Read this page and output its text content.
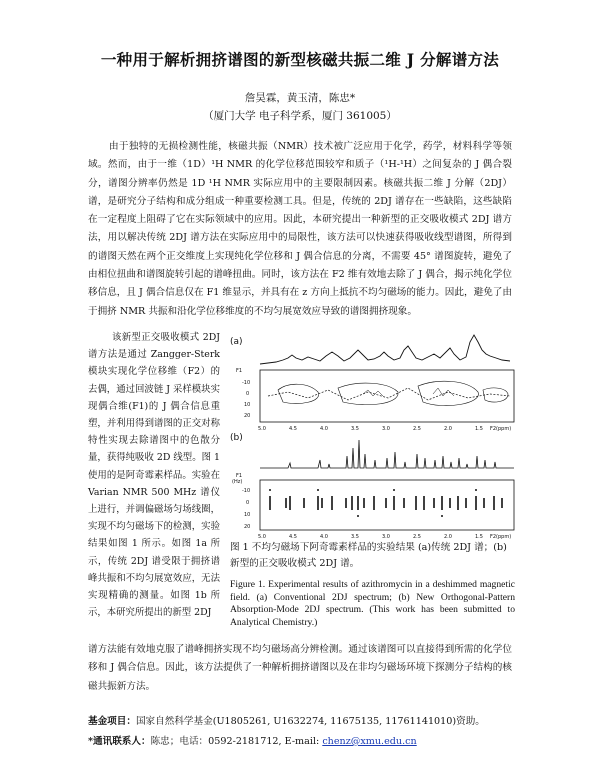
一种用于解析拥挤谱图的新型核磁共振二维 J 分解谱方法
詹昊霖，黄玉清，陈忠*
（厦门大学 电子科学系，厦门 361005）

由于独特的无损检测性能，核磁共振（NMR）技术被广泛应用于化学，药学，材料科学等领域。然而，由于一维（1D）¹H NMR 的化学位移范围较窄和质子（¹H-¹H）之间复杂的 J 偶合裂分，谱图分辨率仍然是 1D ¹H NMR 实际应用中的主要限制因素。核磁共振二维 J 分解（2DJ）谱，是研究分子结构和成分组成一种重要检测工具。但是，传统的 2DJ 谱存在一些缺陷，这些缺陷在一定程度上阻碍了它在实际领域中的应用。因此，本研究提出一种新型的正交吸收模式 2DJ 谱方法，用以解决传统 2DJ 谱方法在实际应用中的局限性，该方法可以快速获得吸收线型谱图，所得到的谱图天然在两个正交维度上实现纯化学位移和 J 偶合信息的分离，不需要 45° 谱图旋转，避免了由相位扭曲和谱图旋转引起的谱峰扭曲。同时，该方法在 F2 维有效地去除了 J 偶合，揭示纯化学位移信息，且 J 偶合信息仅在 F1 维显示，并具有在 z 方向上抵抗不均匀磁场的能力。因此，避免了由于拥挤 NMR 共振和沿化学位移维度的不均匀展宽效应导致的谱图拥挤现象。

该新型正交吸收模式 2DJ 谱方法是通过 Zangger-Sterk 模块实现化学位移维（F2）的去偶，通过回波链 J 采样模块实现偶合维(F1)的 J 偶合信息重塑，并利用得到谱图的正交对称特性实现去除谱图中的色散分量，获得纯吸收 2D 线型。图 1 使用的是阿奇霉素样品。实验在 Varian NMR 500 MHz 谱仪上进行，并调偏磁场匀场线圈，实现不均匀磁场下的检测，实验结果如图 1 所示。如图 1a 所示，传统 2DJ 谱受限于拥挤谱峰共振和不均匀展宽效应，无法实现精确的测量。如图 1b 所示，本研究所提出的新型 2DJ

(a)
F1
-10
0
10
20
5.0	4.5	4.0	3.5	3.0	2.5	2.0	1.5 F2(ppm)
(b)
F1
(Hz)
-10
0
10
20
5.0	4.5	4.0	3.5	3.0	2.5	2.0	1.5 F2(ppm)
图 1 不均匀磁场下阿奇霉素样品的实验结果 (a)传统 2DJ 谱；(b) 新型的正交吸收模式 2DJ 谱。
Figure 1. Experimental results of azithromycin in a deshimmed magnetic field. (a) Conventional 2DJ spectrum; (b) New Orthogonal-Pattern Absorption-Mode 2DJ spectrum. (This work has been submitted to Analytical Chemistry.)

谱方法能有效地克服了谱峰拥挤实现不均匀磁场高分辨检测。通过该谱图可以直接得到所需的化学位移和 J 偶合信息。因此，该方法提供了一种解析拥挤谱图以及在非均匀磁场环境下探测分子结构的核磁共振新方法。

基金项目：国家自然科学基金(U1805261, U1632274, 11675135, 11761141010)资助。
*通讯联系人：陈忠；电话：0592-2181712, E-mail: chenz@xmu.edu.cn
